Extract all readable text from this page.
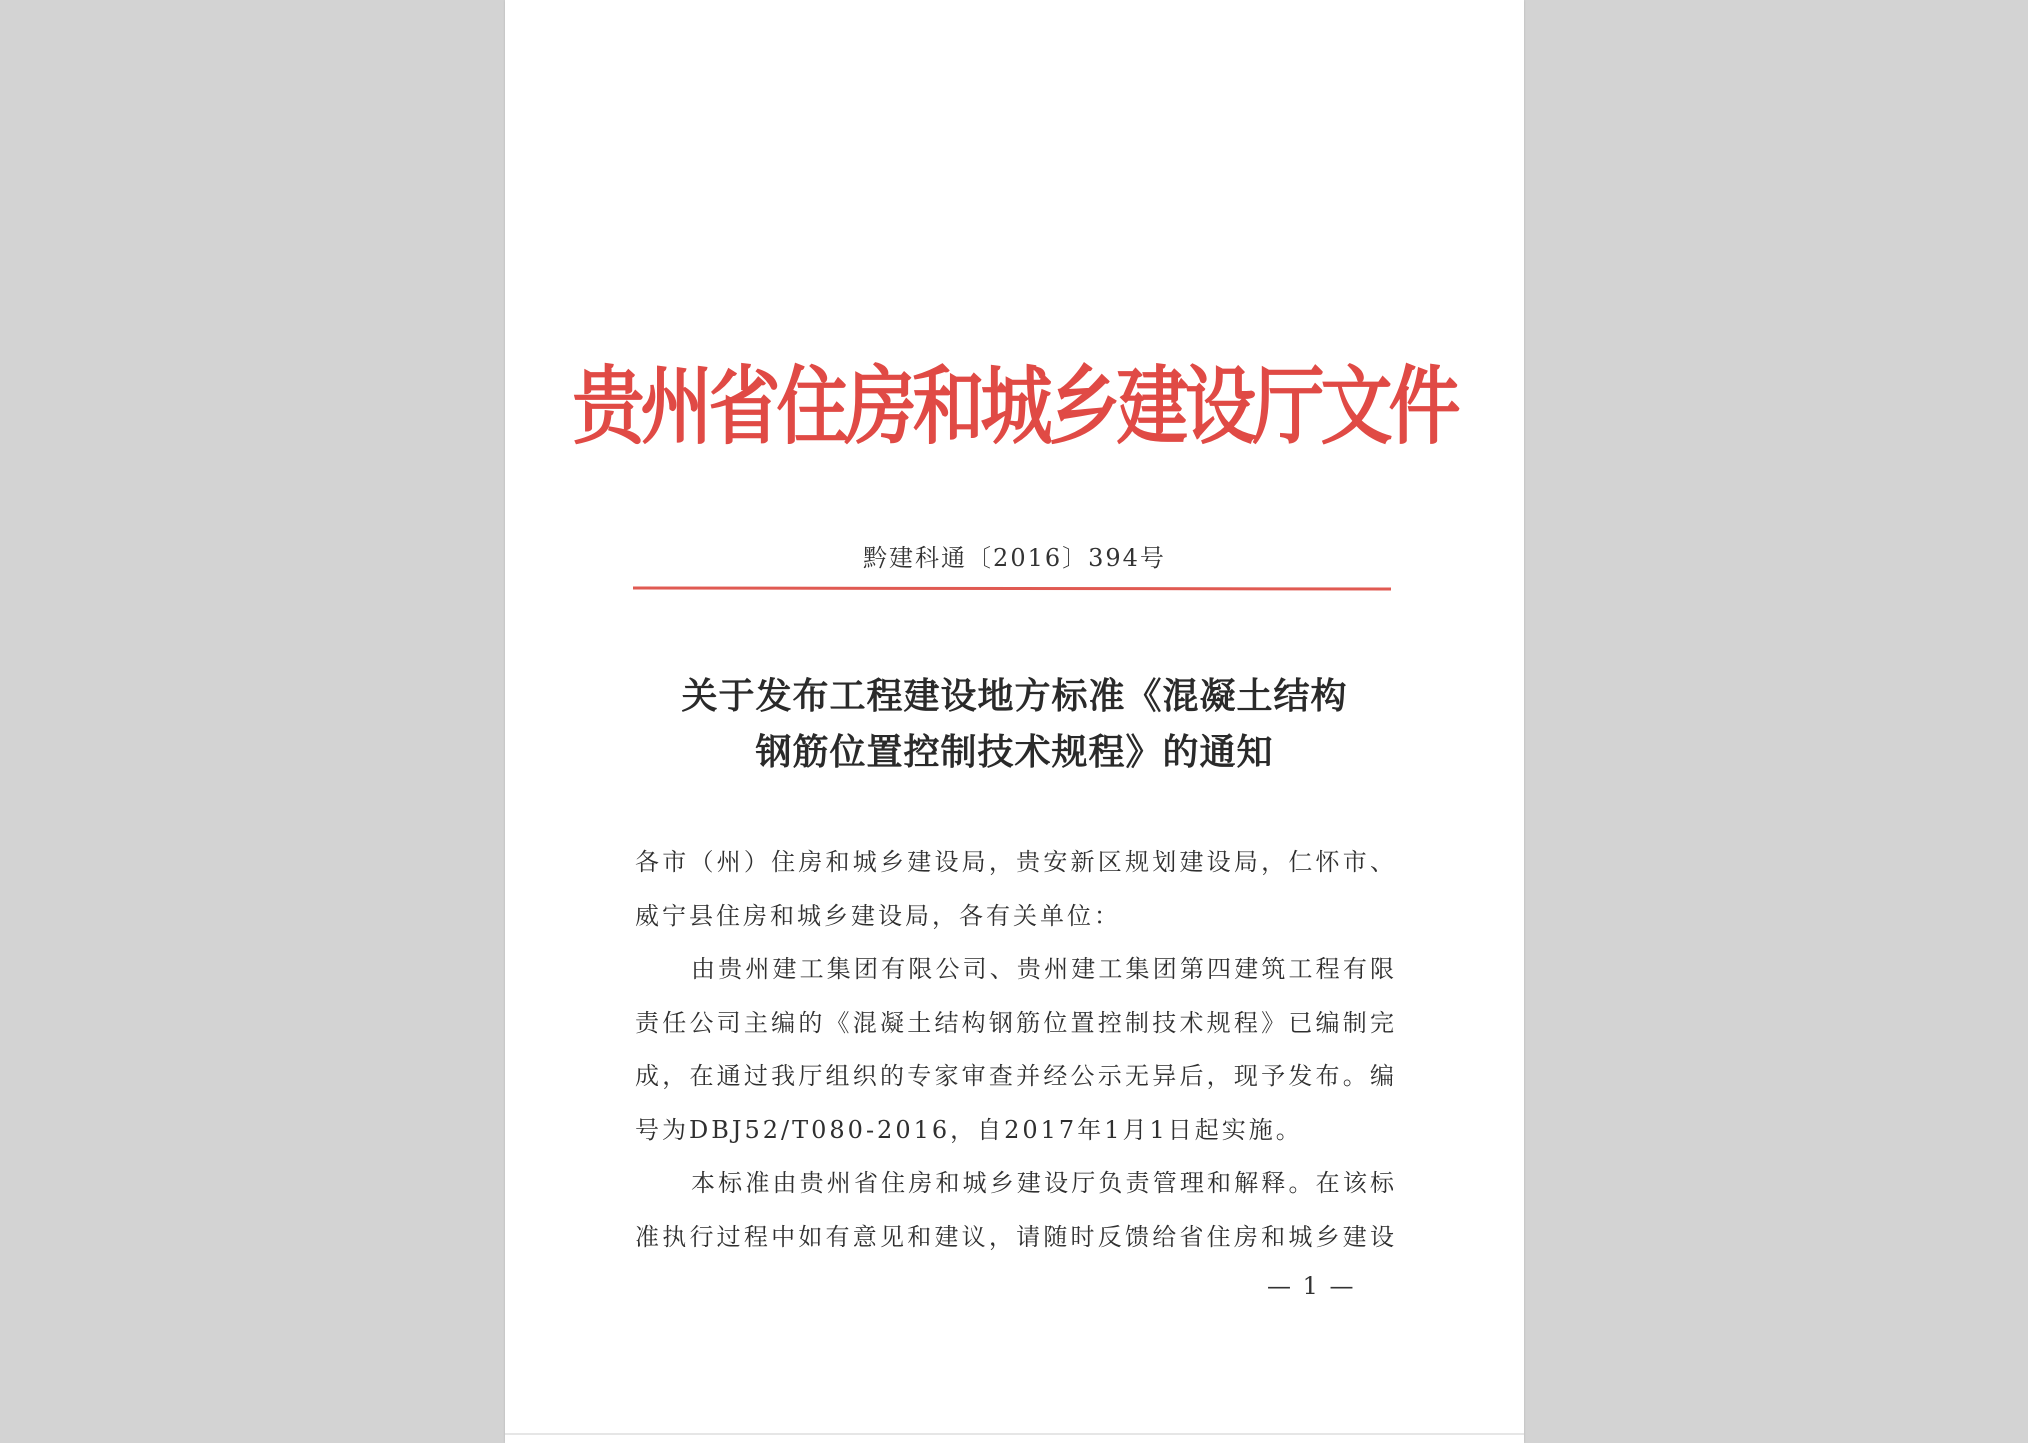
贵州省住房和城乡建设厅文件
黔建科通〔2016〕394号
关于发布工程建设地方标准《混凝土结构
钢筋位置控制技术规程》的通知
各市（州）住房和城乡建设局，贵安新区规划建设局，仁怀市、
威宁县住房和城乡建设局，各有关单位：
由贵州建工集团有限公司、贵州建工集团第四建筑工程有限
责任公司主编的《混凝土结构钢筋位置控制技术规程》已编制完
成，在通过我厅组织的专家审查并经公示无异后，现予发布。编
号为DBJ52/T080-2016，自2017年1月1日起实施。
本标准由贵州省住房和城乡建设厅负责管理和解释。在该标
准执行过程中如有意见和建议，请随时反馈给省住房和城乡建设
— 1 —
